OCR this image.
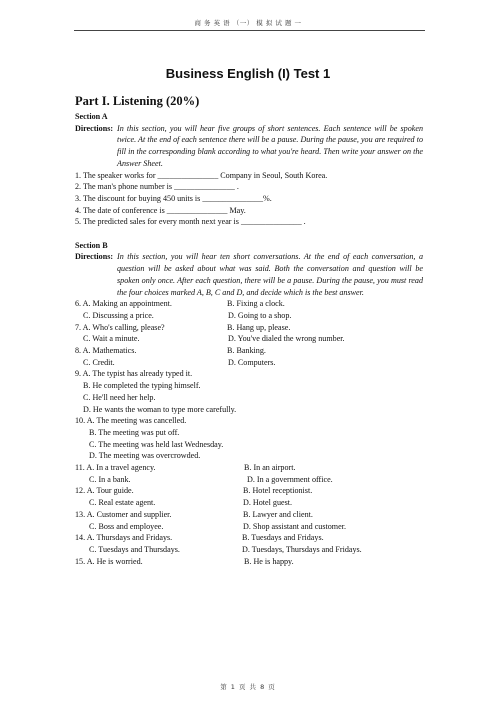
商 务 英 语 （一） 模 拟 试 题 一
Business English (I) Test 1
Part I. Listening (20%)
Section A
Directions: In this section, you will hear five groups of short sentences. Each sentence will be spoken twice. At the end of each sentence there will be a pause. During the pause, you are required to fill in the corresponding blank according to what you're heard. Then write your answer on the Answer Sheet.
1. The speaker works for _______________ Company in Seoul, South Korea.
2. The man's phone number is _______________ .
3. The discount for buying 450 units is _______________%.
4. The date of conference is _______________ May.
5. The predicted sales for every month next year is _______________ .
Section B
Directions: In this section, you will hear ten short conversations. At the end of each conversation, a question will be asked about what was said. Both the conversation and question will be spoken only once. After each question, there will be a pause. During the pause, you must read the four choices marked A, B, C and D, and decide which is the best answer.
6. A. Making an appointment.	B. Fixing a clock.
C. Discussing a price.	D. Going to a shop.
7. A. Who's calling, please?	B. Hang up, please.
C. Wait a minute.	D. You've dialed the wrong number.
8. A. Mathematics.	B. Banking.
C. Credit.	D. Computers.
9. A. The typist has already typed it.
B. He completed the typing himself.
C. He'll need her help.
D. He wants the woman to type more carefully.
10. A. The meeting was cancelled.
B. The meeting was put off.
C. The meeting was held last Wednesday.
D. The meeting was overcrowded.
11. A. In a travel agency.	B. In an airport.
C. In a bank.	D. In a government office.
12. A. Tour guide.	B. Hotel receptionist.
C. Real estate agent.	D. Hotel guest.
13. A. Customer and supplier.	B. Lawyer and client.
C. Boss and employee.	D. Shop assistant and customer.
14. A. Thursdays and Fridays.	B. Tuesdays and Fridays.
C. Tuesdays and Thursdays.	D. Tuesdays, Thursdays and Fridays.
15. A. He is worried.	B. He is happy.
第 1 页 共 8 页
